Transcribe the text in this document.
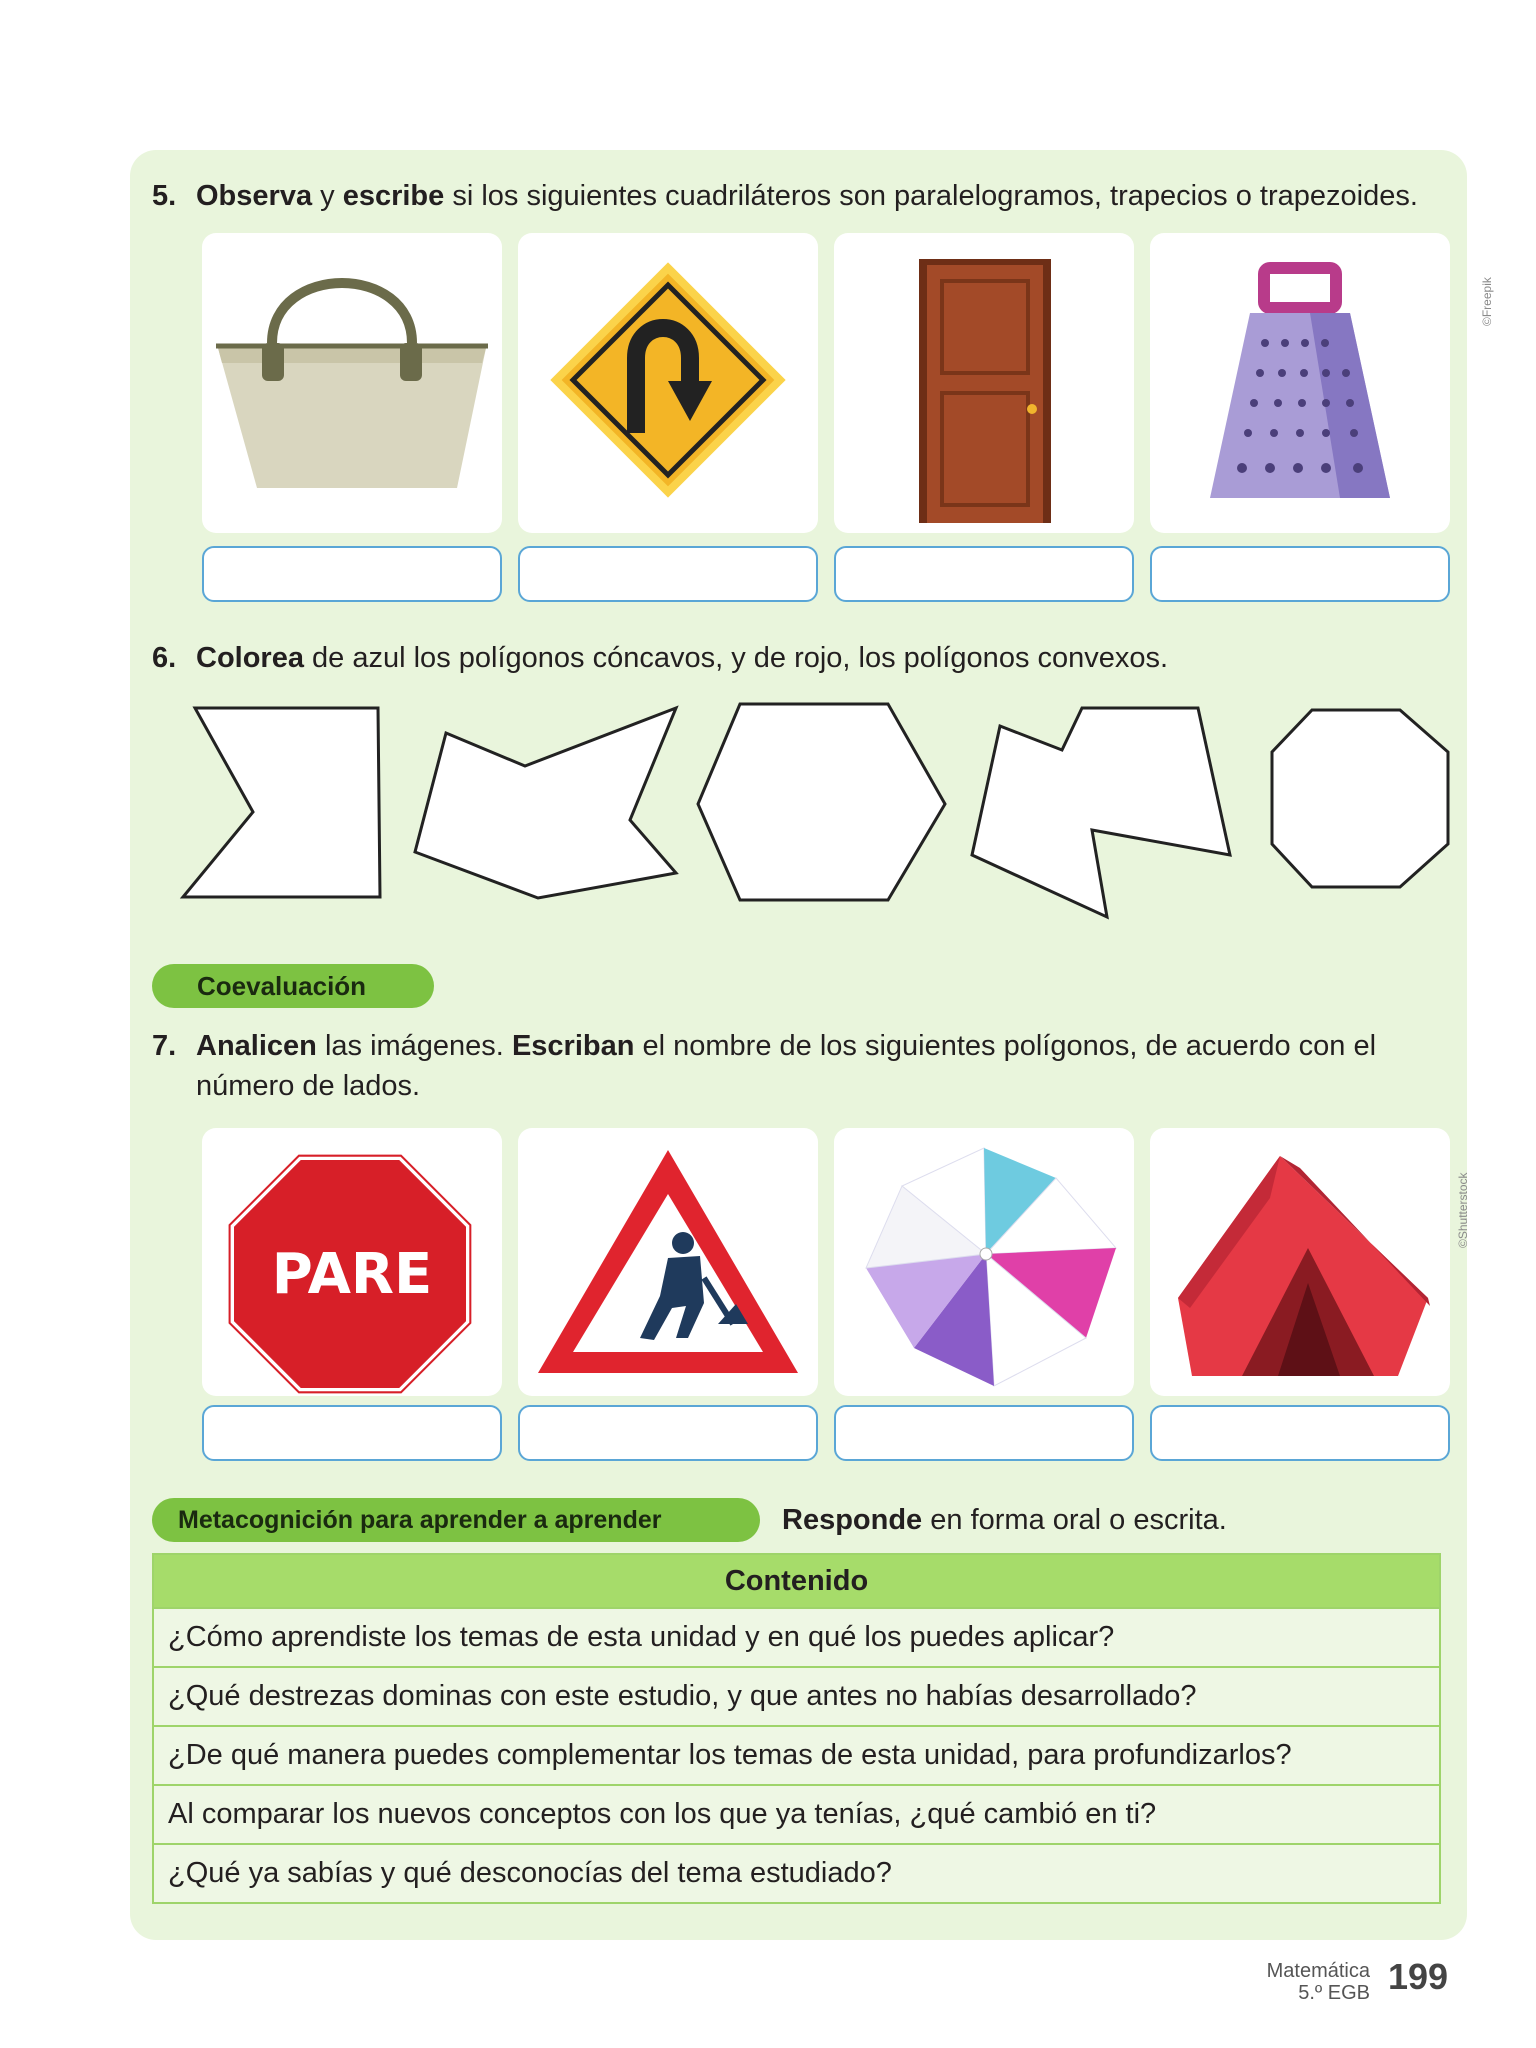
5. Observa y escribe si los siguientes cuadriláteros son paralelogramos, trapecios o trapezoides.
©Freepik
6. Colorea de azul los polígonos cóncavos, y de rojo, los polígonos convexos.
Coevaluación
7. Analicen las imágenes. Escriban el nombre de los siguientes polígonos, de acuerdo con el
número de lados.
PARE
©Shutterstock
Metacognición para aprender a aprender	Responde en forma oral o escrita.
Contenido
¿Cómo aprendiste los temas de esta unidad y en qué los puedes aplicar?
¿Qué destrezas dominas con este estudio, y que antes no habías desarrollado?
¿De qué manera puedes complementar los temas de esta unidad, para profundizarlos?
Al comparar los nuevos conceptos con los que ya tenías, ¿qué cambió en ti?
¿Qué ya sabías y qué desconocías del tema estudiado?
Matemática
5.º EGB 199
